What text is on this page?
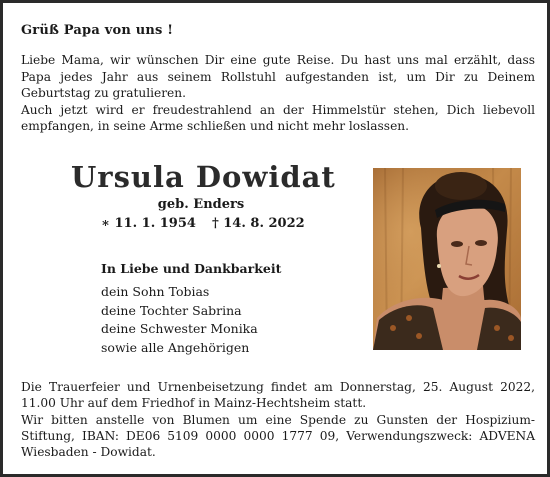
Grüß Papa von uns !

Liebe Mama, wir wünschen Dir eine gute Reise. Du hast uns mal erzählt, dass Papa jedes Jahr aus seinem Rollstuhl aufgestanden ist, um Dir zu Deinem Geburtstag zu gratulieren.

Auch jetzt wird er freudestrahlend an der Himmelstür stehen, Dich liebevoll empfangen, in seine Arme schließen und nicht mehr loslassen.

Ursula Dowidat
geb. Enders
∗ 11. 1. 1954 † 14. 8. 2022
In Liebe und Dankbarkeit
dein Sohn Tobias
deine Tochter Sabrina
deine Schwester Monika
sowie alle Angehörigen

Die Trauerfeier und Urnenbeisetzung findet am Donnerstag, 25. August 2022, 11.00 Uhr auf dem Friedhof in Mainz-Hechtsheim statt.

Wir bitten anstelle von Blumen um eine Spende zu Gunsten der Hospizium-Stiftung, IBAN: DE06 5109 0000 0000 1777 09, Verwendungszweck: ADVENA Wiesbaden - Dowidat.
